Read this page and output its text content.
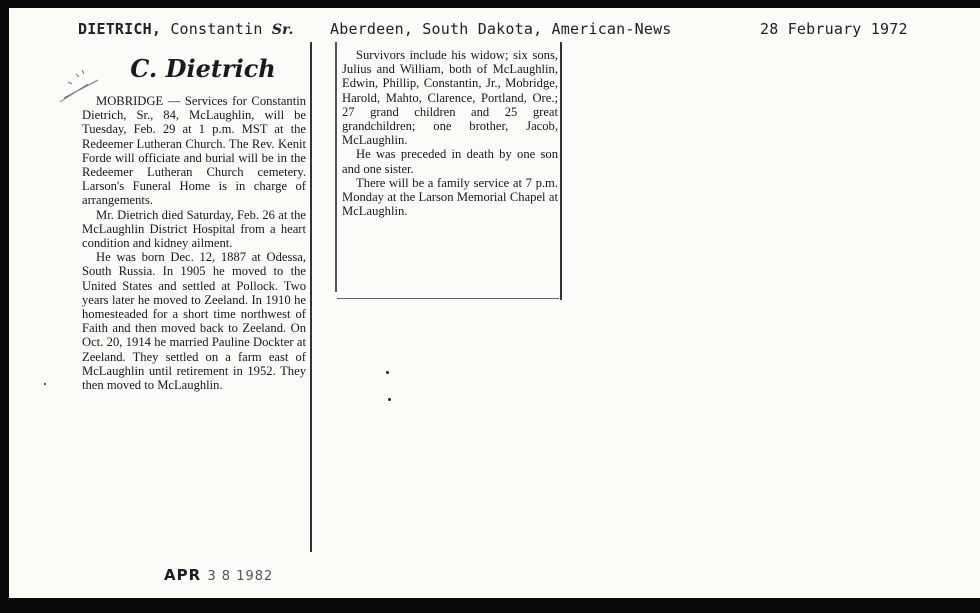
DIETRICH, Constantin Sr. Aberdeen, South Dakota, American-News	28 February 1972
C. Dietrich

MOBRIDGE — Services for Constantin Dietrich, Sr., 84, McLaughlin, will be Tuesday, Feb. 29 at 1 p.m. MST at the Redeemer Lutheran Church. The Rev. Kenit Forde will officiate and burial will be in the Redeemer Lutheran Church cemetery. Larson's Funeral Home is in charge of arrangements.

Mr. Dietrich died Saturday, Feb. 26 at the McLaughlin District Hospital from a heart condition and kidney ailment.

He was born Dec. 12, 1887 at Odessa, South Russia. In 1905 he moved to the United States and settled at Pollock. Two years later he moved to Zeeland. In 1910 he homesteaded for a short time northwest of Faith and then moved back to Zeeland. On Oct. 20, 1914 he married Pauline Dockter at Zeeland. They settled on a farm east of McLaughlin until retirement in 1952. They then moved to McLaughlin.

Survivors include his widow; six sons, Julius and William, both of McLaughlin, Edwin, Phillip, Constantin, Jr., Mobridge, Harold, Mahto, Clarence, Portland, Ore.; 27 grand children and 25 great grandchildren; one brother, Jacob, McLaughlin.

He was preceded in death by one son and one sister.

There will be a family service at 7 p.m. Monday at the Larson Memorial Chapel at McLaughlin.

APR 3 8 1982
